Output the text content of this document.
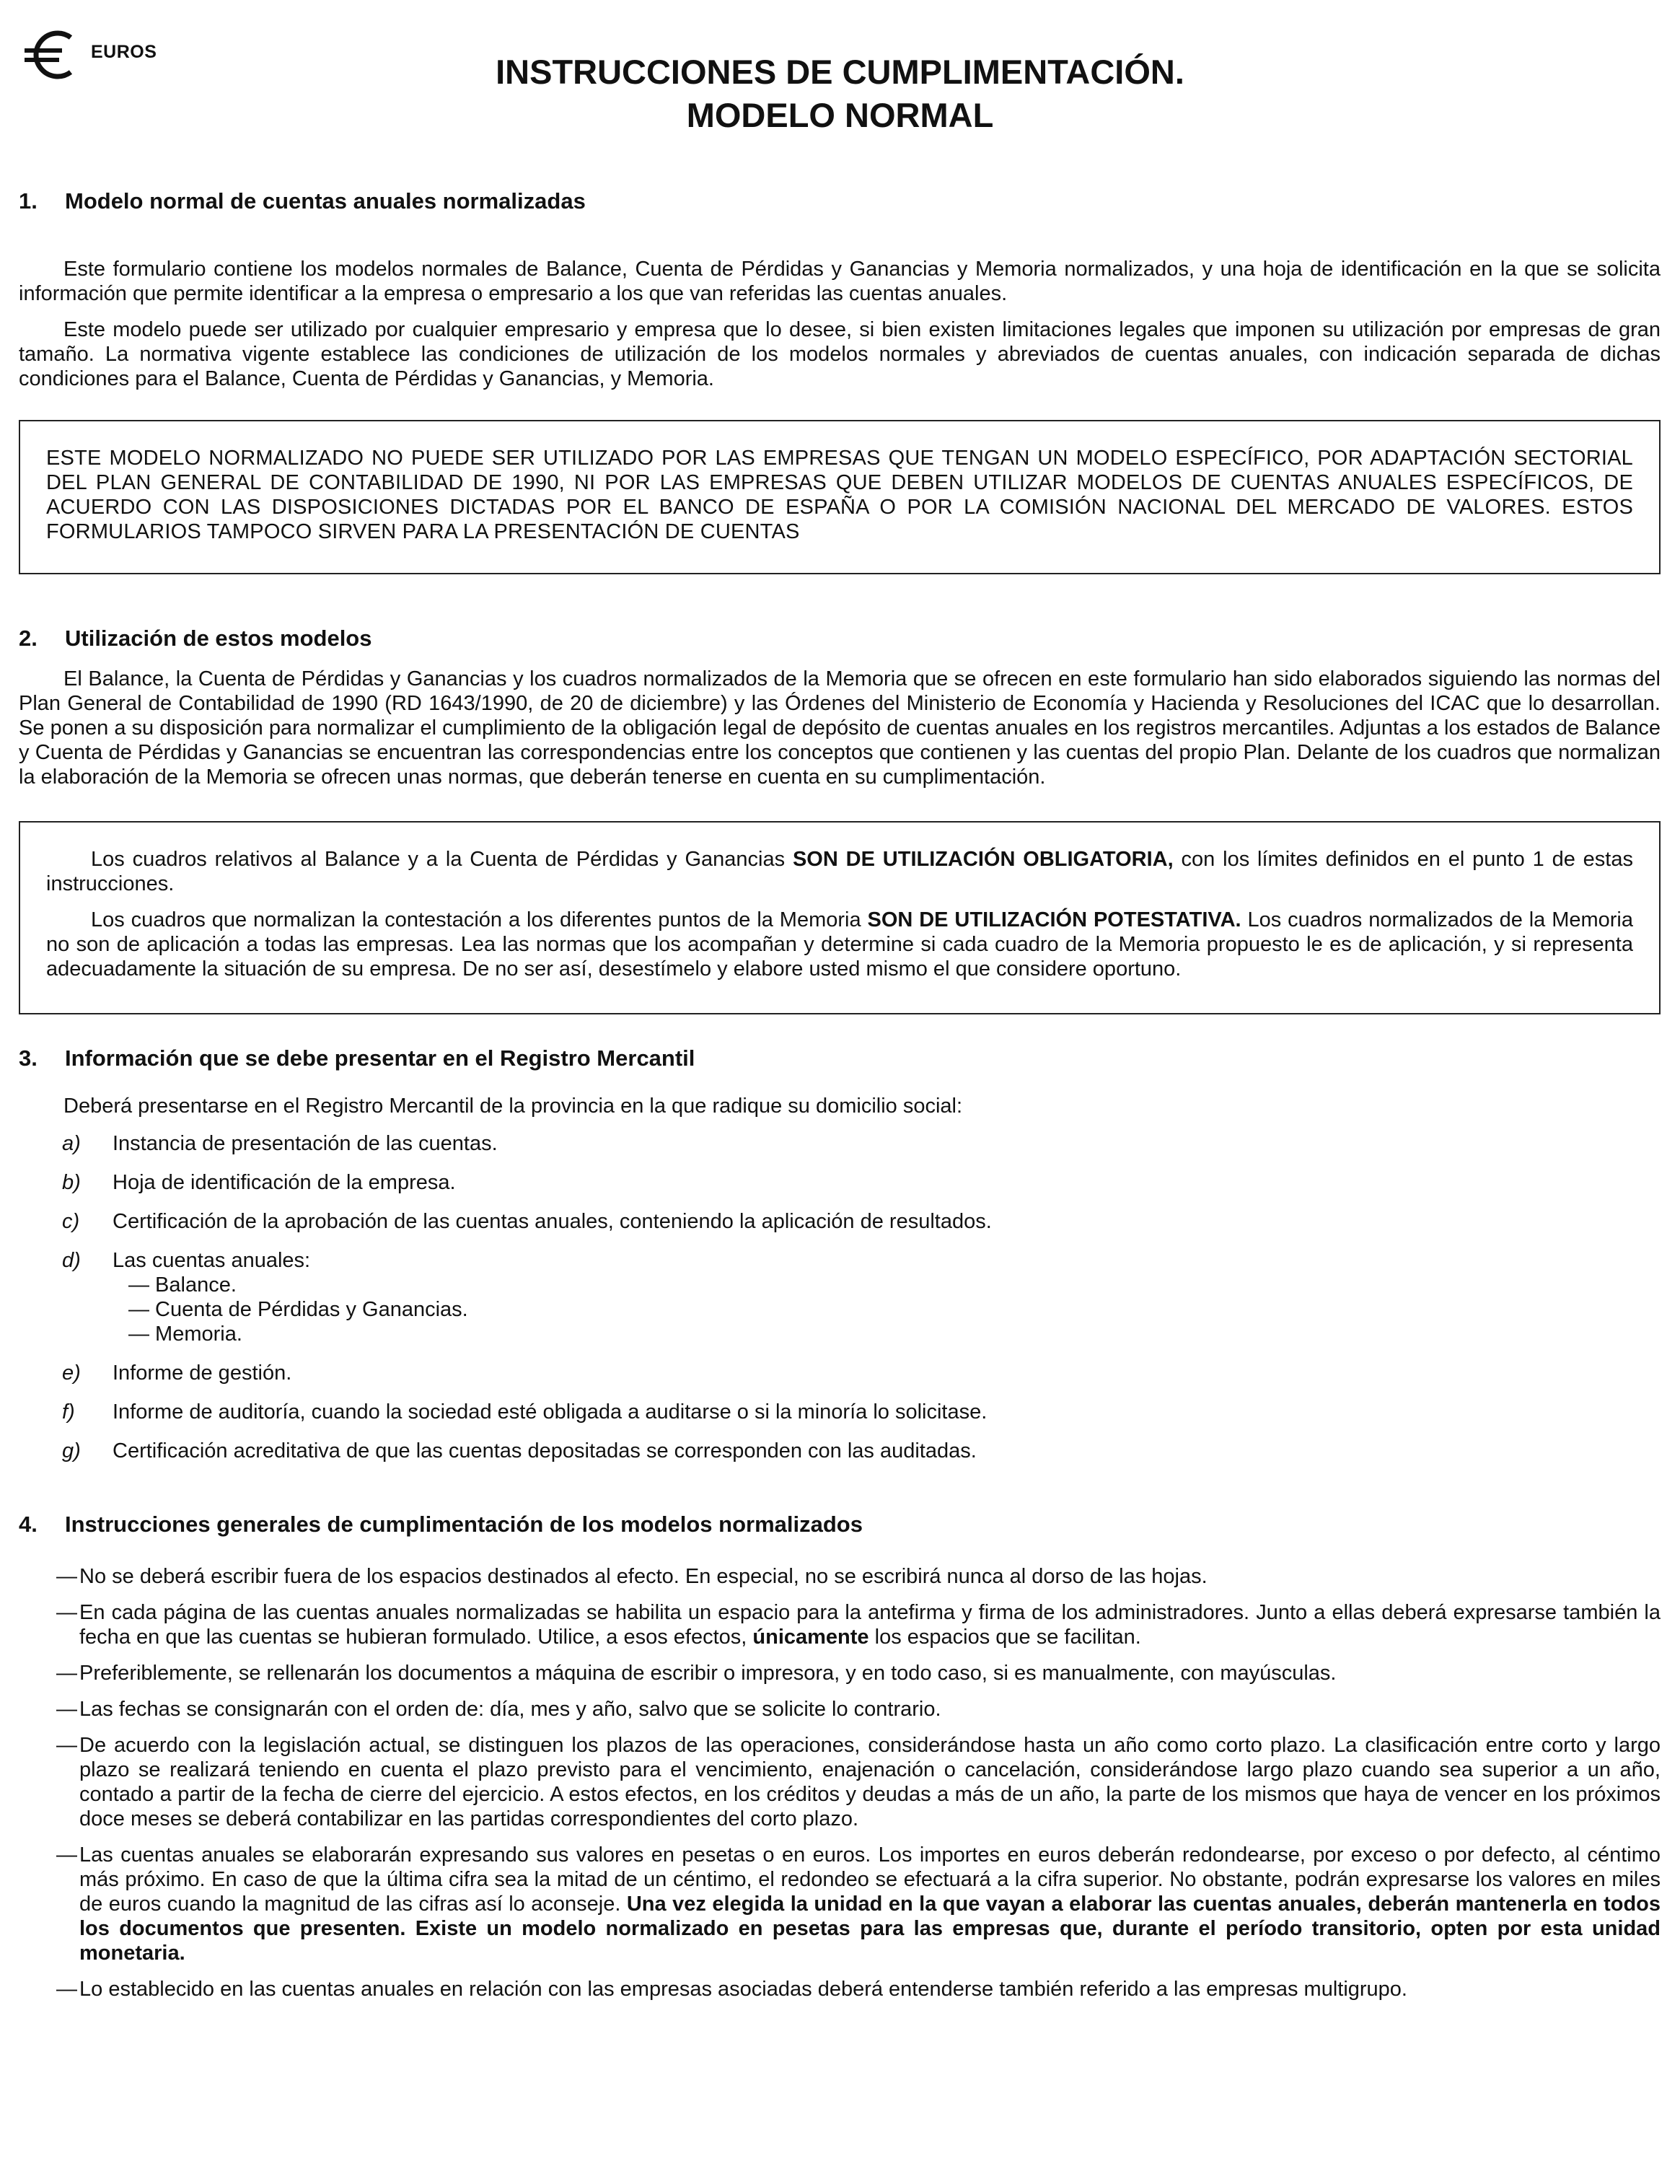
EUROS
INSTRUCCIONES DE CUMPLIMENTACIÓN.
MODELO NORMAL
1.	Modelo normal de cuentas anuales normalizadas

Este formulario contiene los modelos normales de Balance, Cuenta de Pérdidas y Ganancias y Memoria normalizados, y una hoja de identificación en la que se solicita información que permite identificar a la empresa o empresario a los que van referidas las cuentas anuales.

Este modelo puede ser utilizado por cualquier empresario y empresa que lo desee, si bien existen limitaciones legales que imponen su utilización por empresas de gran tamaño. La normativa vigente establece las condiciones de utilización de los modelos normales y abreviados de cuentas anuales, con indicación separada de dichas condiciones para el Balance, Cuenta de Pérdidas y Ganancias, y Memoria.

ESTE MODELO NORMALIZADO NO PUEDE SER UTILIZADO POR LAS EMPRESAS QUE TENGAN UN MODELO ESPECÍFICO, POR ADAPTACIÓN SECTORIAL DEL PLAN GENERAL DE CONTABILIDAD DE 1990, NI POR LAS EMPRESAS QUE DEBEN UTILIZAR MODELOS DE CUENTAS ANUALES ESPECÍFICOS, DE ACUERDO CON LAS DISPOSICIONES DICTADAS POR EL BANCO DE ESPAÑA O POR LA COMISIÓN NACIONAL DEL MERCADO DE VALORES. ESTOS FORMULARIOS TAMPOCO SIRVEN PARA LA PRESENTACIÓN DE CUENTAS

2.	Utilización de estos modelos

El Balance, la Cuenta de Pérdidas y Ganancias y los cuadros normalizados de la Memoria que se ofrecen en este formulario han sido elaborados siguiendo las normas del Plan General de Contabilidad de 1990 (RD 1643/1990, de 20 de diciembre) y las Órdenes del Ministerio de Economía y Hacienda y Resoluciones del ICAC que lo desarrollan. Se ponen a su disposición para normalizar el cumplimiento de la obligación legal de depósito de cuentas anuales en los registros mercantiles. Adjuntas a los estados de Balance y Cuenta de Pérdidas y Ganancias se encuentran las correspondencias entre los conceptos que contienen y las cuentas del propio Plan. Delante de los cuadros que normalizan la elaboración de la Memoria se ofrecen unas normas, que deberán tenerse en cuenta en su cumplimentación.

Los cuadros relativos al Balance y a la Cuenta de Pérdidas y Ganancias SON DE UTILIZACIÓN OBLIGATORIA, con los límites definidos en el punto 1 de estas instrucciones.

Los cuadros que normalizan la contestación a los diferentes puntos de la Memoria SON DE UTILIZACIÓN POTESTATIVA. Los cuadros normalizados de la Memoria no son de aplicación a todas las empresas. Lea las normas que los acompañan y determine si cada cuadro de la Memoria propuesto le es de aplicación, y si representa adecuadamente la situación de su empresa. De no ser así, desestímelo y elabore usted mismo el que considere oportuno.

3.	Información que se debe presentar en el Registro Mercantil

Deberá presentarse en el Registro Mercantil de la provincia en la que radique su domicilio social:

a)	Instancia de presentación de las cuentas.
b)	Hoja de identificación de la empresa.
c)	Certificación de la aprobación de las cuentas anuales, conteniendo la aplicación de resultados.
d)	Las cuentas anuales:
— Balance.
— Cuenta de Pérdidas y Ganancias.
— Memoria.
e)	Informe de gestión.
f)	Informe de auditoría, cuando la sociedad esté obligada a auditarse o si la minoría lo solicitase.
g)	Certificación acreditativa de que las cuentas depositadas se corresponden con las auditadas.
4.	Instrucciones generales de cumplimentación de los modelos normalizados
— No se deberá escribir fuera de los espacios destinados al efecto. En especial, no se escribirá nunca al dorso de las hojas.
— En cada página de las cuentas anuales normalizadas se habilita un espacio para la antefirma y firma de los administradores. Junto a ellas deberá expresarse también la fecha en que las cuentas se hubieran formulado. Utilice, a esos efectos, únicamente los espacios que se facilitan.
— Preferiblemente, se rellenarán los documentos a máquina de escribir o impresora, y en todo caso, si es manualmente, con mayúsculas.
— Las fechas se consignarán con el orden de: día, mes y año, salvo que se solicite lo contrario.
— De acuerdo con la legislación actual, se distinguen los plazos de las operaciones, considerándose hasta un año como corto plazo. La clasificación entre corto y largo plazo se realizará teniendo en cuenta el plazo previsto para el vencimiento, enajenación o cancelación, considerándose largo plazo cuando sea superior a un año, contado a partir de la fecha de cierre del ejercicio. A estos efectos, en los créditos y deudas a más de un año, la parte de los mismos que haya de vencer en los próximos doce meses se deberá contabilizar en las partidas correspondientes del corto plazo.
— Las cuentas anuales se elaborarán expresando sus valores en pesetas o en euros. Los importes en euros deberán redondearse, por exceso o por defecto, al céntimo más próximo. En caso de que la última cifra sea la mitad de un céntimo, el redondeo se efectuará a la cifra superior. No obstante, podrán expresarse los valores en miles de euros cuando la magnitud de las cifras así lo aconseje. Una vez elegida la unidad en la que vayan a elaborar las cuentas anuales, deberán mantenerla en todos los documentos que presenten. Existe un modelo normalizado en pesetas para las empresas que, durante el período transitorio, opten por esta unidad monetaria.
— Lo establecido en las cuentas anuales en relación con las empresas asociadas deberá entenderse también referido a las empresas multigrupo.
